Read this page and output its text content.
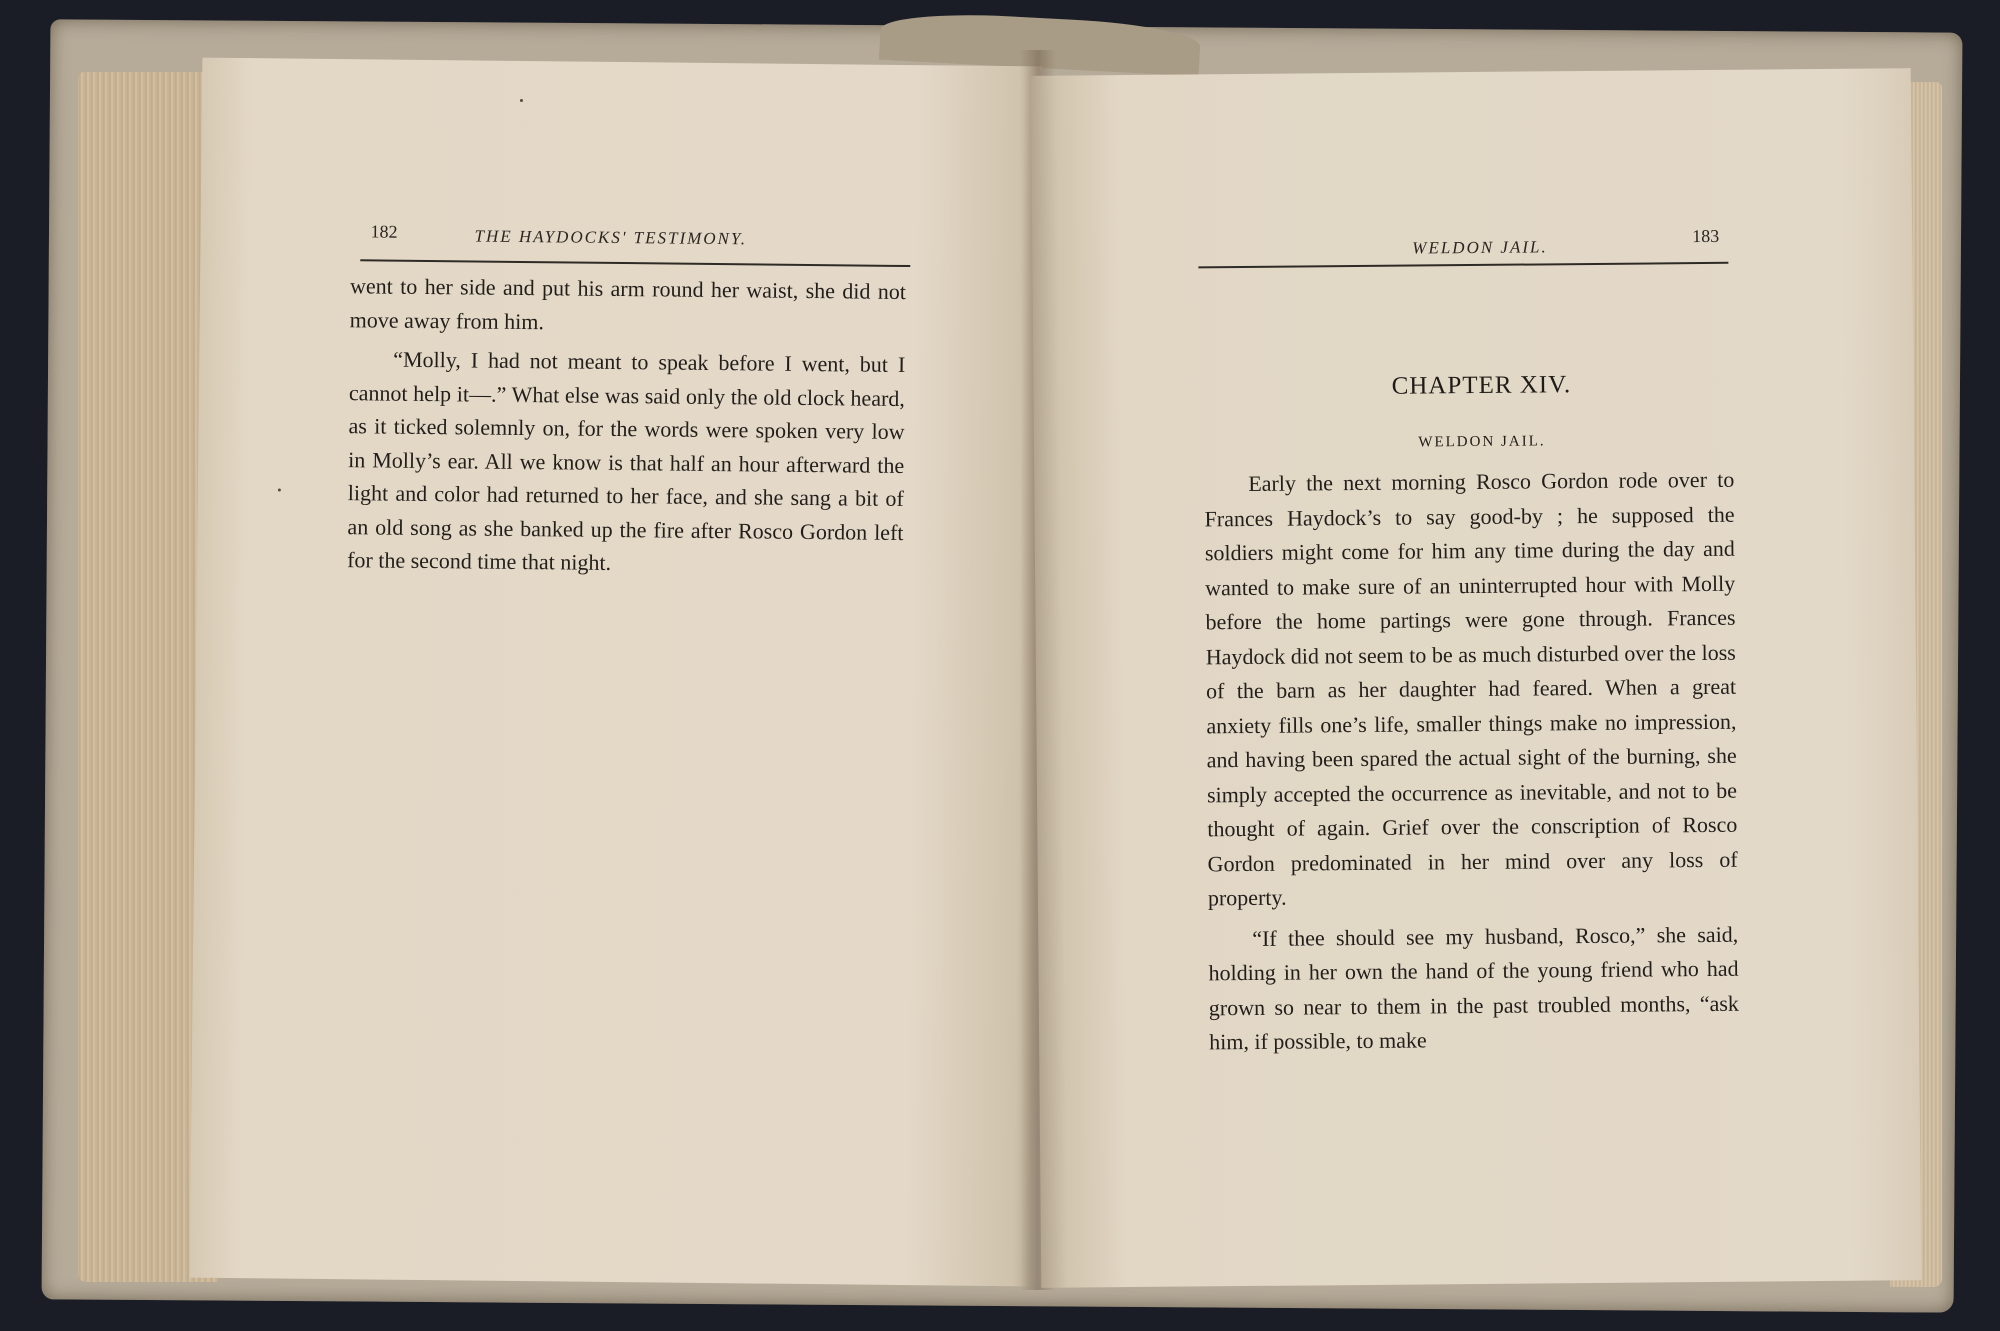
182	THE HAYDOCKS' TESTIMONY.

went to her side and put his arm round her waist, she did not move away from him.

“Molly, I had not meant to speak before I went, but I cannot help it—.” What else was said only the old clock heard, as it ticked solemnly on, for the words were spoken very low in Molly’s ear. All we know is that half an hour afterward the light and color had returned to her face, and she sang a bit of an old song as she banked up the fire after Rosco Gordon left for the second time that night.

WELDON JAIL.
183
CHAPTER XIV.
WELDON JAIL.

Early the next morning Rosco Gordon rode over to Frances Haydock’s to say good-by ; he supposed the soldiers might come for him any time during the day and wanted to make sure of an uninterrupted hour with Molly before the home partings were gone through. Frances Haydock did not seem to be as much disturbed over the loss of the barn as her daughter had feared. When a great anxiety fills one’s life, smaller things make no impression, and having been spared the actual sight of the burning, she simply accepted the occurrence as inevitable, and not to be thought of again. Grief over the conscription of Rosco Gordon predominated in her mind over any loss of property.

“If thee should see my husband, Rosco,” she said, holding in her own the hand of the young friend who had grown so near to them in the past troubled months, “ask him, if possible, to make
